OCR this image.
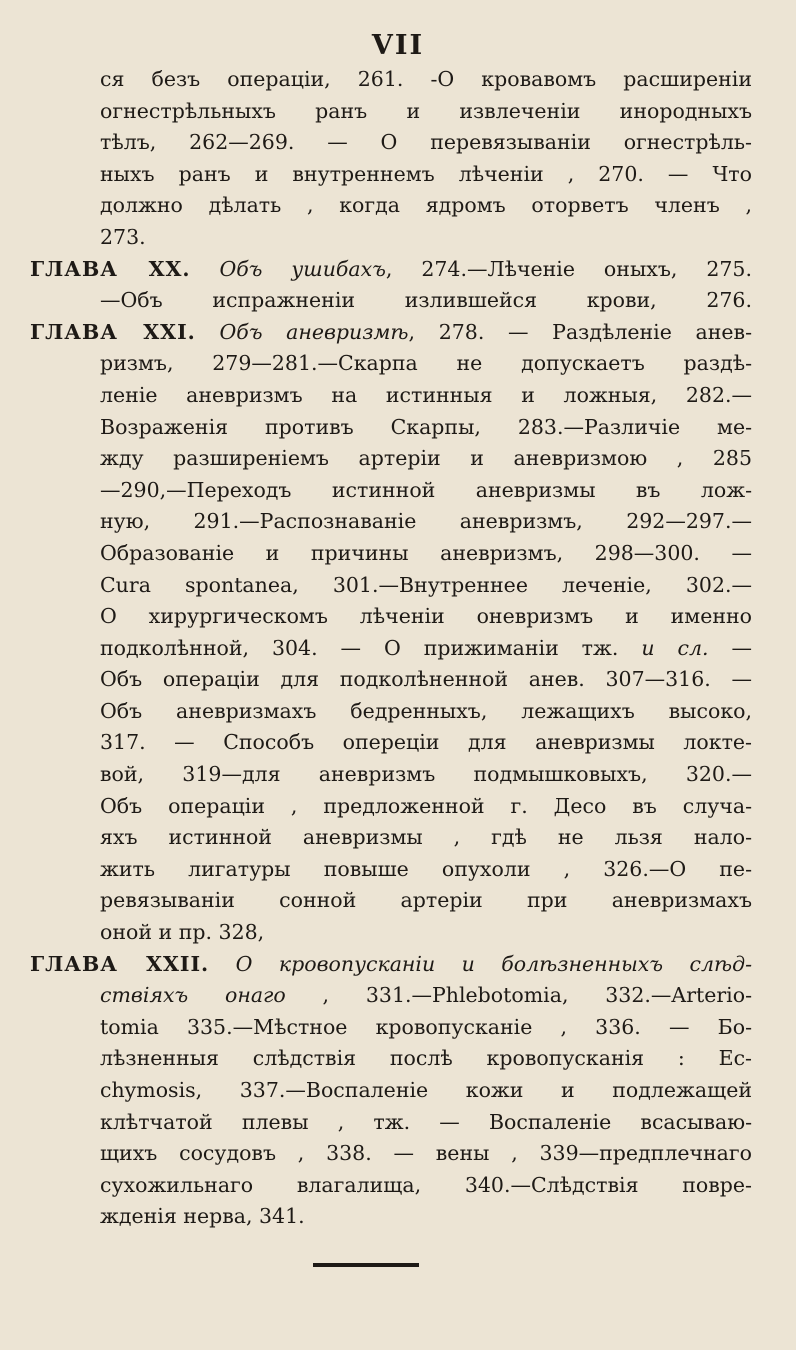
VII
ся безъ операціи, 261. -О кровавомъ расширеніи
огнестрѣльныхъ ранъ и извлеченіи инородныхъ
тѣлъ, 262—269. — О перевязываніи огнестрѣль-
ныхъ ранъ и внутреннемъ лѣченіи , 270. — Что
должно дѣлать , когда ядромъ оторветъ членъ ,
273.
ГЛАВА XX. Объ ушибахъ, 274.—Лѣченіе оныхъ, 275.
—Объ испражненіи излившейся крови, 276.
ГЛАВА XXI. Объ аневризмѣ, 278. — Раздѣленіе анев-
ризмъ, 279—281.—Скарпа не допускаетъ раздѣ-
леніе аневризмъ на истинныя и ложныя, 282.—
Возраженія противъ Скарпы, 283.—Различіе ме-
жду разширеніемъ артеріи и аневризмою , 285
—290,—Переходъ истинной аневризмы въ лож-
ную, 291.—Распознаваніе аневризмъ, 292—297.—
Образованіе и причины аневризмъ, 298—300. —
Сura spontanea, 301.—Внутреннее леченіе, 302.—
О хирургическомъ лѣченіи оневризмъ и именно
подколѣнной, 304. — О прижиманіи тж. и сл. —
Объ операціи для подколѣненной анев. 307—316. —
Объ аневризмахъ бедренныхъ, лежащихъ высоко,
317. — Способъ опереціи для аневризмы локте-
вой, 319—для аневризмъ подмышковыхъ, 320.—
Объ операціи , предложенной г. Десо въ случа-
яхъ истинной аневризмы , гдѣ не льзя нало-
жить лигатуры повыше опухоли , 326.—О пе-
ревязываніи сонной артеріи при аневризмахъ
оной и пр. 328,
ГЛАВА XXII. О кровопусканіи и болѣзненныхъ слѣд-
ствіяхъ онаго , 331.—Phlebotomia, 332.—Arterio-
tomia 335.—Мѣстное кровопусканіе , 336. — Бо-
лѣзненныя слѣдствія послѣ кровопусканія : Ес-
chymosis, 337.—Воспаленіе кожи и подлежащей
клѣтчатой плевы , тж. — Воспаленіе всасываю-
щихъ сосудовъ , 338. — вены , 339—предплечнаго
сухожильнаго влагалища, 340.—Слѣдствія повре-
жденія нерва, 341.
